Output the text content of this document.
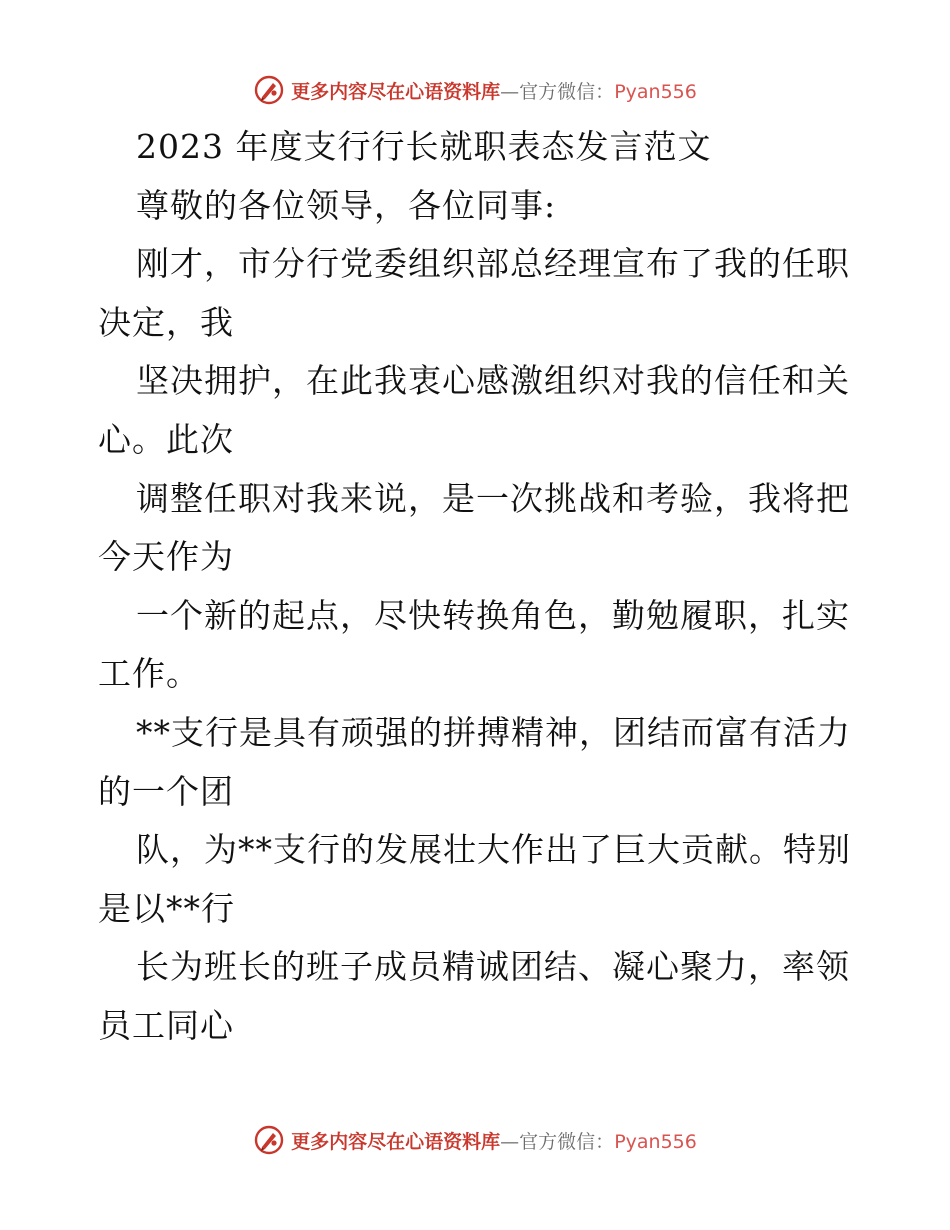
更多内容尽在心语资料库—官方微信：Pyan556
2023 年度支行行长就职表态发言范文
尊敬的各位领导，各位同事:
刚才，市分行党委组织部总经理宣布了我的任职
决定，我
坚决拥护，在此我衷心感激组织对我的信任和关
心。此次
调整任职对我来说，是一次挑战和考验，我将把
今天作为
一个新的起点，尽快转换角色，勤勉履职，扎实
工作。
**支行是具有顽强的拼搏精神，团结而富有活力
的一个团
队，为**支行的发展壮大作出了巨大贡献。特别
是以**行
长为班长的班子成员精诚团结、凝心聚力，率领
员工同心
更多内容尽在心语资料库—官方微信：Pyan556
